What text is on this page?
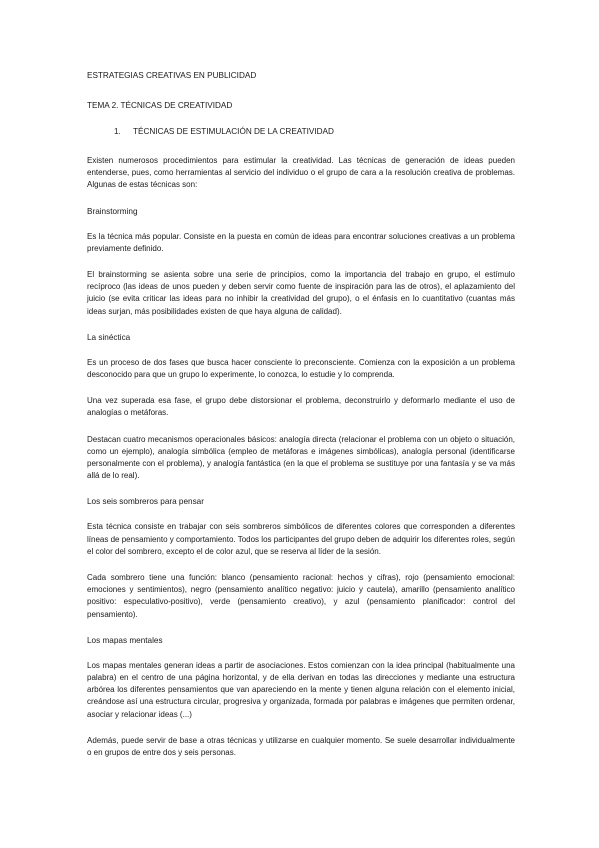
ESTRATEGIAS CREATIVAS EN PUBLICIDAD
TEMA 2. TÉCNICAS DE CREATIVIDAD
1.	TÉCNICAS DE ESTIMULACIÓN DE LA CREATIVIDAD

Existen numerosos procedimientos para estimular la creatividad. Las técnicas de generación de ideas pueden entenderse, pues, como herramientas al servicio del individuo o el grupo de cara a la resolución creativa de problemas. Algunas de estas técnicas son:

Brainstorming

Es la técnica más popular. Consiste en la puesta en común de ideas para encontrar soluciones creativas a un problema previamente definido.

El brainstorming se asienta sobre una serie de principios, como la importancia del trabajo en grupo, el estímulo recíproco (las ideas de unos pueden y deben servir como fuente de inspiración para las de otros), el aplazamiento del juicio (se evita criticar las ideas para no inhibir la creatividad del grupo), o el énfasis en lo cuantitativo (cuantas más ideas surjan, más posibilidades existen de que haya alguna de calidad).

La sinéctica

Es un proceso de dos fases que busca hacer consciente lo preconsciente. Comienza con la exposición a un problema desconocido para que un grupo lo experimente, lo conozca, lo estudie y lo comprenda.

Una vez superada esa fase, el grupo debe distorsionar el problema, deconstruirlo y deformarlo mediante el uso de analogías o metáforas.

Destacan cuatro mecanismos operacionales básicos: analogía directa (relacionar el problema con un objeto o situación, como un ejemplo), analogía simbólica (empleo de metáforas e imágenes simbólicas), analogía personal (identificarse personalmente con el problema), y analogía fantástica (en la que el problema se sustituye por una fantasía y se va más allá de lo real).

Los seis sombreros para pensar

Esta técnica consiste en trabajar con seis sombreros simbólicos de diferentes colores que corresponden a diferentes líneas de pensamiento y comportamiento. Todos los participantes del grupo deben de adquirir los diferentes roles, según el color del sombrero, excepto el de color azul, que se reserva al líder de la sesión.

Cada sombrero tiene una función: blanco (pensamiento racional: hechos y cifras), rojo (pensamiento emocional: emociones y sentimientos), negro (pensamiento analítico negativo: juicio y cautela), amarillo (pensamiento analítico positivo: especulativo-positivo), verde (pensamiento creativo), y azul (pensamiento planificador: control del pensamiento).

Los mapas mentales

Los mapas mentales generan ideas a partir de asociaciones. Estos comienzan con la idea principal (habitualmente una palabra) en el centro de una página horizontal, y de ella derivan en todas las direcciones y mediante una estructura arbórea los diferentes pensamientos que van apareciendo en la mente y tienen alguna relación con el elemento inicial, creándose así una estructura circular, progresiva y organizada, formada por palabras e imágenes que permiten ordenar, asociar y relacionar ideas (...)

Además, puede servir de base a otras técnicas y utilizarse en cualquier momento. Se suele desarrollar individualmente o en grupos de entre dos y seis personas.
